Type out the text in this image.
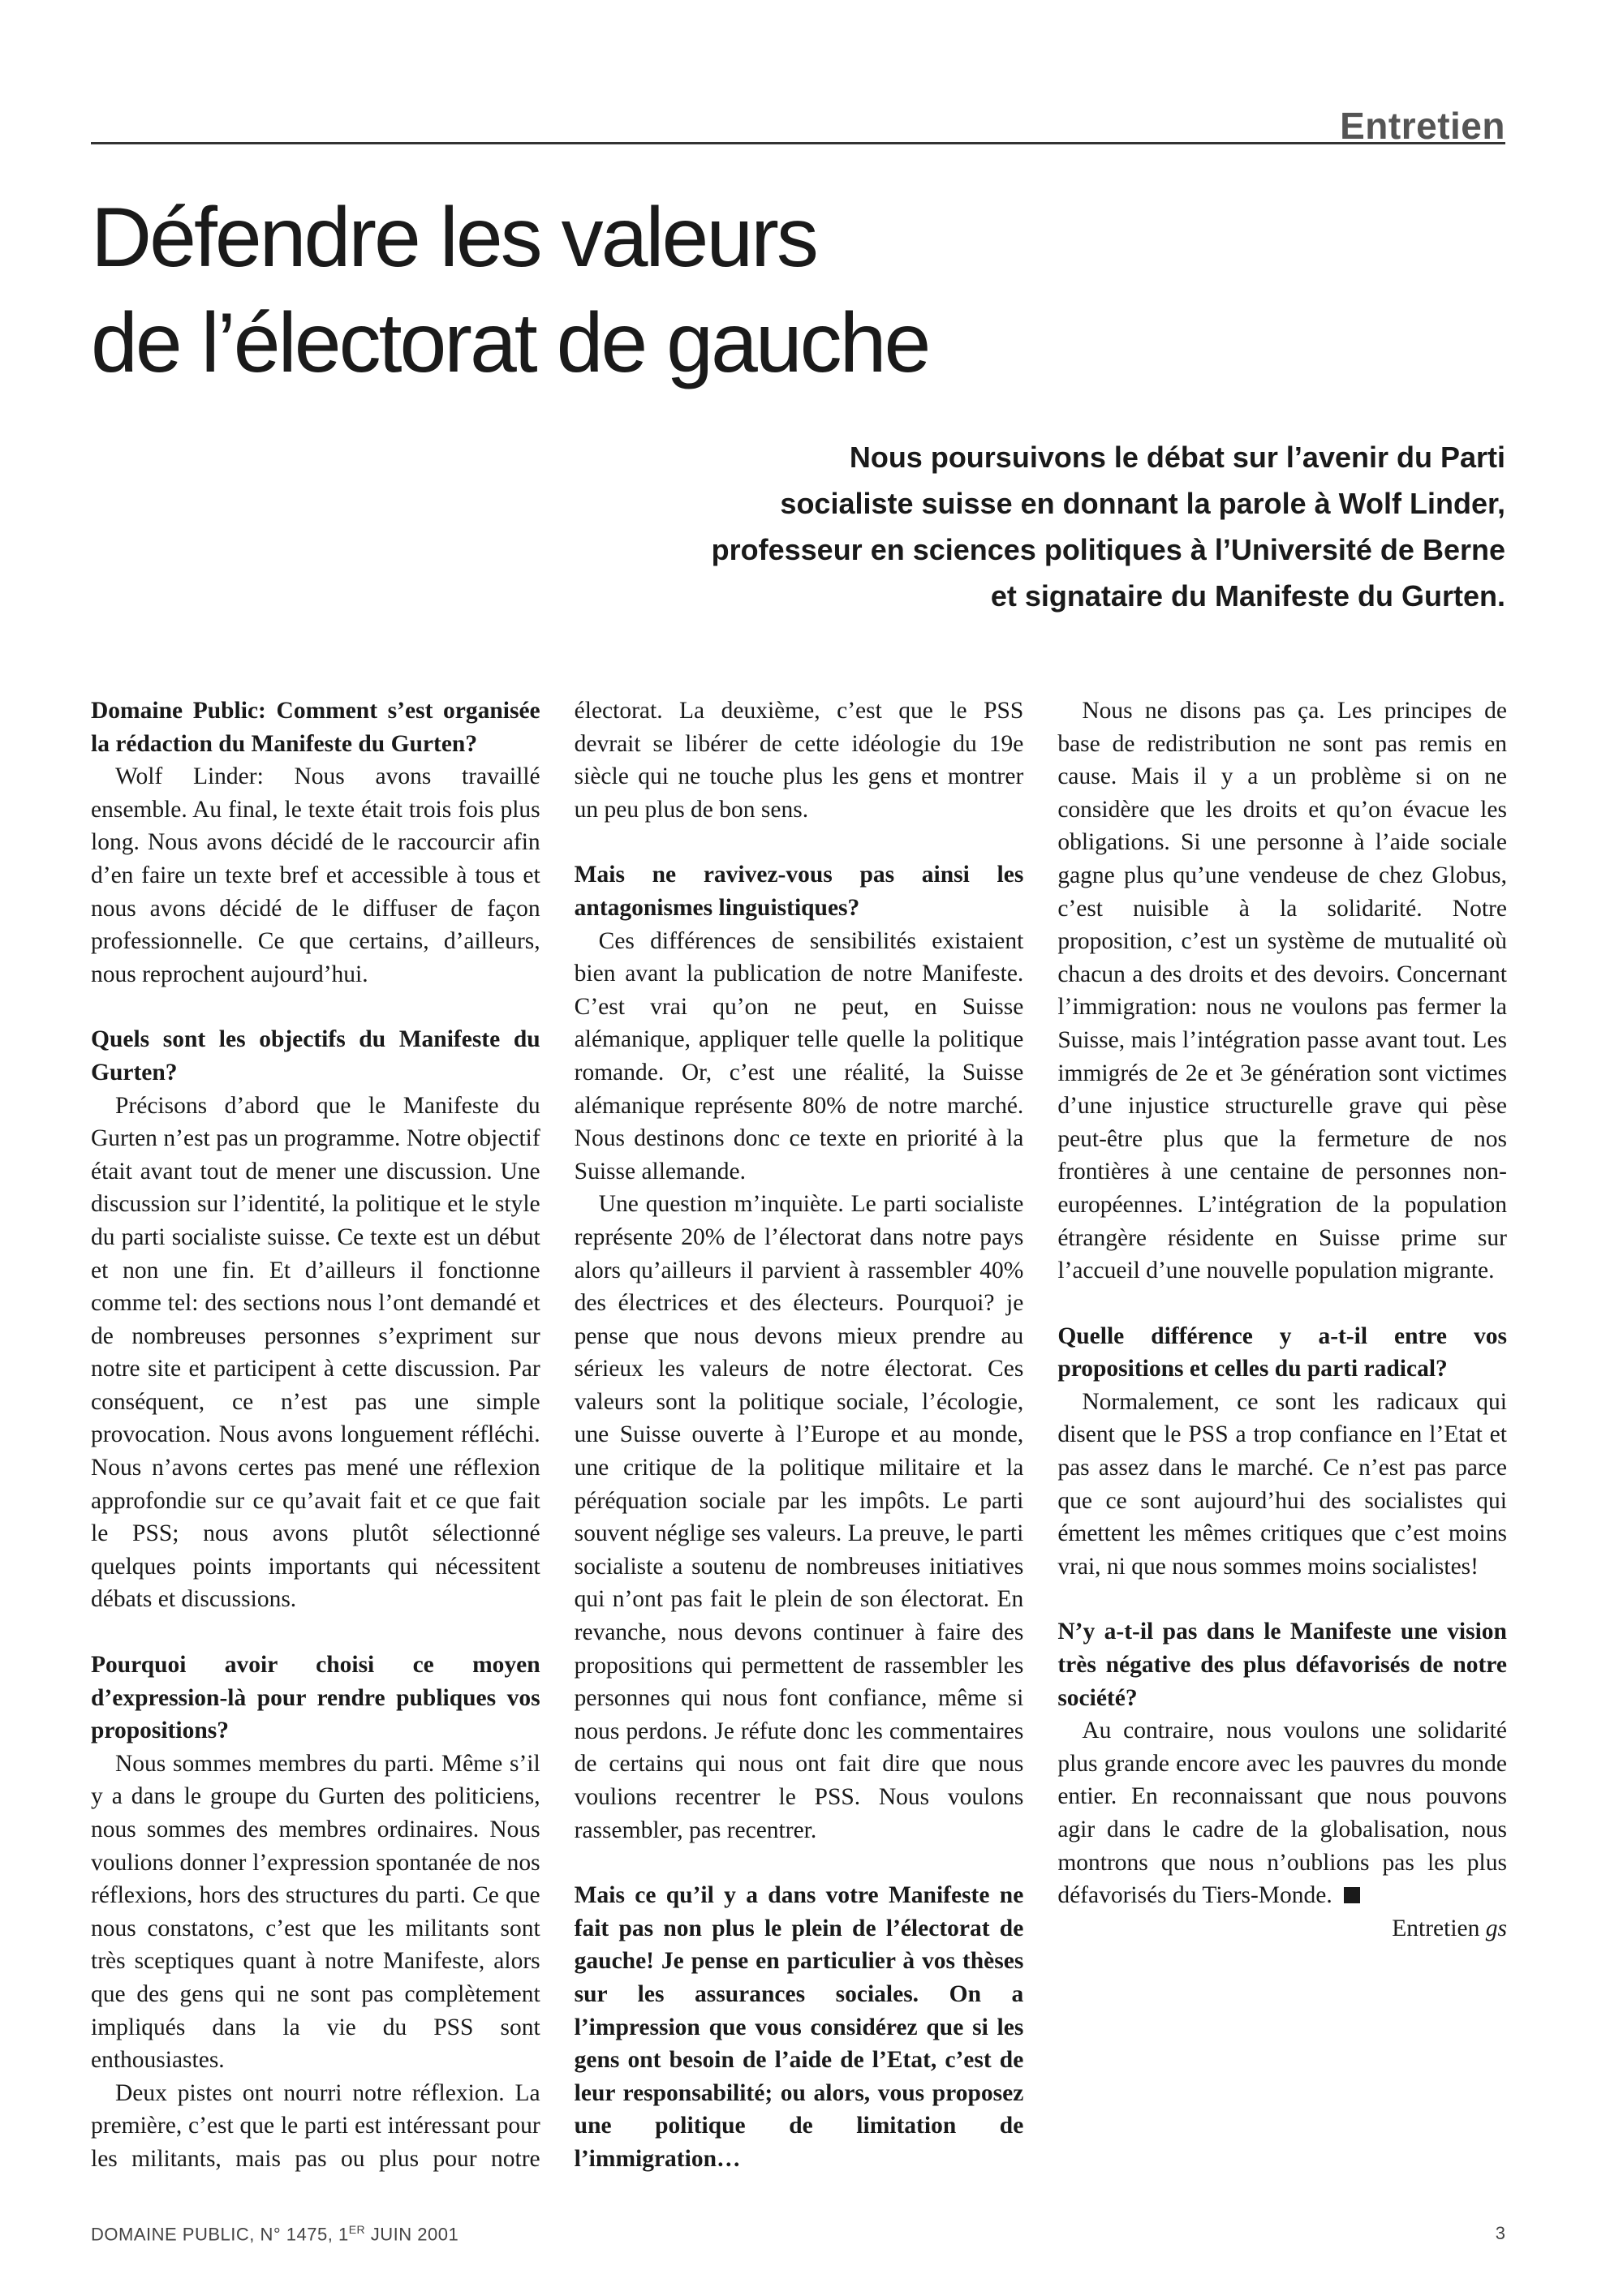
Entretien
Défendre les valeurs
de l’électorat de gauche
Nous poursuivons le débat sur l’avenir du Parti
socialiste suisse en donnant la parole à Wolf Linder,
professeur en sciences politiques à l’Université de Berne
et signataire du Manifeste du Gurten.

Domaine Public: Comment s’est organisée la rédaction du Manifeste du Gurten?

Wolf Linder: Nous avons travaillé ensemble. Au final, le texte était trois fois plus long. Nous avons décidé de le raccourcir afin d’en faire un texte bref et accessible à tous et nous avons décidé de le diffuser de façon professionnelle. Ce que certains, d’ailleurs, nous reprochent aujourd’hui.

Quels sont les objectifs du Manifeste du Gurten?

Précisons d’abord que le Manifeste du Gurten n’est pas un programme. Notre objectif était avant tout de mener une discussion. Une discussion sur l’identité, la politique et le style du parti socialiste suisse. Ce texte est un début et non une fin. Et d’ailleurs il fonctionne comme tel: des sections nous l’ont demandé et de nombreuses personnes s’expriment sur notre site et participent à cette discussion. Par conséquent, ce n’est pas une simple provocation. Nous avons longuement réfléchi. Nous n’avons certes pas mené une réflexion approfondie sur ce qu’avait fait et ce que fait le PSS; nous avons plutôt sélectionné quelques points importants qui nécessitent débats et discussions.

Pourquoi avoir choisi ce moyen d’expression-là pour rendre publiques vos propositions?

Nous sommes membres du parti. Même s’il y a dans le groupe du Gurten des politiciens, nous sommes des membres ordinaires. Nous voulions donner l’expression spontanée de nos réflexions, hors des structures du parti. Ce que nous constatons, c’est que les militants sont très sceptiques quant à notre Manifeste, alors que des gens qui ne sont pas complètement impliqués dans la vie du PSS sont enthousiastes.

Deux pistes ont nourri notre réflexion. La première, c’est que le parti est intéressant pour les militants, mais pas ou plus pour notre électorat. La deuxième, c’est que le PSS devrait se libérer de cette idéologie du 19e siècle qui ne touche plus les gens et montrer un peu plus de bon sens.

Mais ne ravivez-vous pas ainsi les antagonismes linguistiques?

Ces différences de sensibilités existaient bien avant la publication de notre Manifeste. C’est vrai qu’on ne peut, en Suisse alémanique, appliquer telle quelle la politique romande. Or, c’est une réalité, la Suisse alémanique représente 80% de notre marché. Nous destinons donc ce texte en priorité à la Suisse allemande.

Une question m’inquiète. Le parti socialiste représente 20% de l’électorat dans notre pays alors qu’ailleurs il parvient à rassembler 40% des électrices et des électeurs. Pourquoi? je pense que nous devons mieux prendre au sérieux les valeurs de notre électorat. Ces valeurs sont la politique sociale, l’écologie, une Suisse ouverte à l’Europe et au monde, une critique de la politique militaire et la péréquation sociale par les impôts. Le parti souvent néglige ses valeurs. La preuve, le parti socialiste a soutenu de nombreuses initiatives qui n’ont pas fait le plein de son électorat. En revanche, nous devons continuer à faire des propositions qui permettent de rassembler les personnes qui nous font confiance, même si nous perdons. Je réfute donc les commentaires de certains qui nous ont fait dire que nous voulions recentrer le PSS. Nous voulons rassembler, pas recentrer.

Mais ce qu’il y a dans votre Manifeste ne fait pas non plus le plein de l’électorat de gauche! Je pense en particulier à vos thèses sur les assurances sociales. On a l’impression que vous considérez que si les gens ont besoin de l’aide de l’Etat, c’est de leur responsabilité; ou alors, vous proposez une politique de limitation de l’immigration…

Nous ne disons pas ça. Les principes de base de redistribution ne sont pas remis en cause. Mais il y a un problème si on ne considère que les droits et qu’on évacue les obligations. Si une personne à l’aide sociale gagne plus qu’une vendeuse de chez Globus, c’est nuisible à la solidarité. Notre proposition, c’est un système de mutualité où chacun a des droits et des devoirs. Concernant l’immigration: nous ne voulons pas fermer la Suisse, mais l’intégration passe avant tout. Les immigrés de 2e et 3e génération sont victimes d’une injustice structurelle grave qui pèse peut-être plus que la fermeture de nos frontières à une centaine de personnes non-européennes. L’intégration de la population étrangère résidente en Suisse prime sur l’accueil d’une nouvelle population migrante.

Quelle différence y a-t-il entre vos propositions et celles du parti radical?

Normalement, ce sont les radicaux qui disent que le PSS a trop confiance en l’Etat et pas assez dans le marché. Ce n’est pas parce que ce sont aujourd’hui des socialistes qui émettent les mêmes critiques que c’est moins vrai, ni que nous sommes moins socialistes!

N’y a-t-il pas dans le Manifeste une vision très négative des plus défavorisés de notre société?

Au contraire, nous voulons une solidarité plus grande encore avec les pauvres du monde entier. En reconnaissant que nous pouvons agir dans le cadre de la globalisation, nous montrons que nous n’oublions pas les plus défavorisés du Tiers-Monde.

Entretien gs

DOMAINE PUBLIC, N° 1475, 1ER JUIN 2001	3
